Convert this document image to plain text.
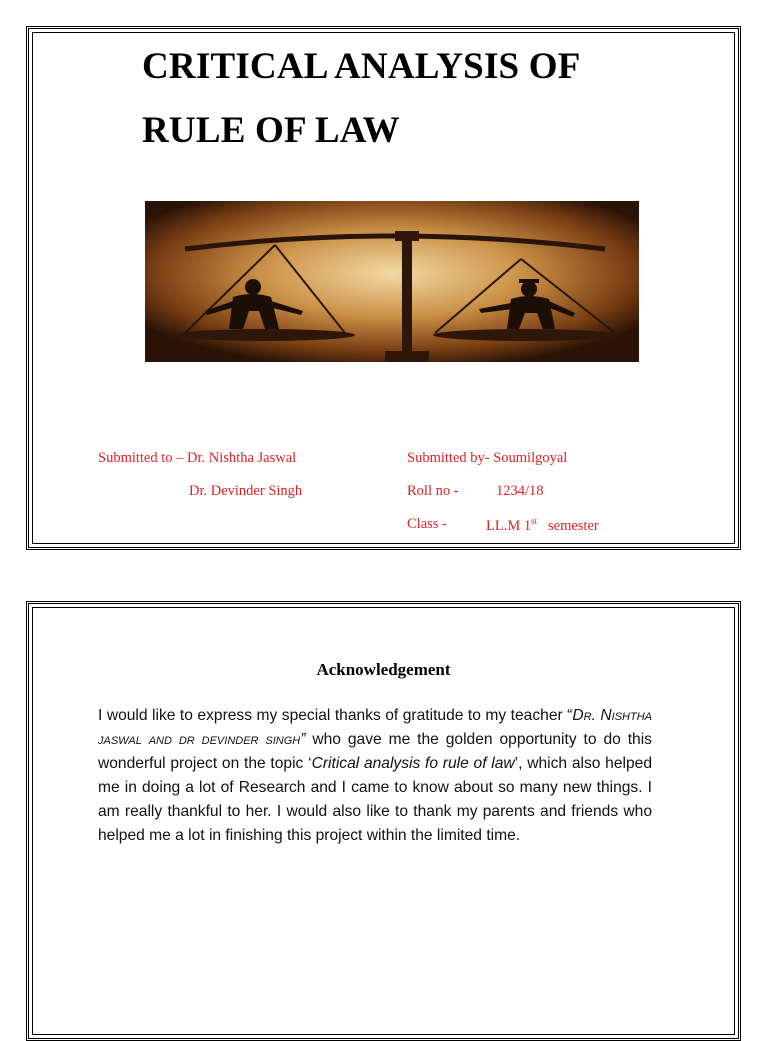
CRITICAL ANALYSIS OF
RULE OF LAW
Submitted to – Dr. Nishtha Jaswal
Dr. Devinder Singh
Submitted by- Soumilgoyal
Roll no -	1234/18
Class -	LL.M 1st semester
Acknowledgement
I would like to express my special thanks of gratitude to my teacher “Dr. Nishtha jaswal and dr devinder singh” who gave me the golden opportunity to do this wonderful project on the topic ‘Critical analysis fo rule of law’, which also helped me in doing a lot of Research and I came to know about so many new things. I am really thankful to her. I would also like to thank my parents and friends who helped me a lot in finishing this project within the limited time.
